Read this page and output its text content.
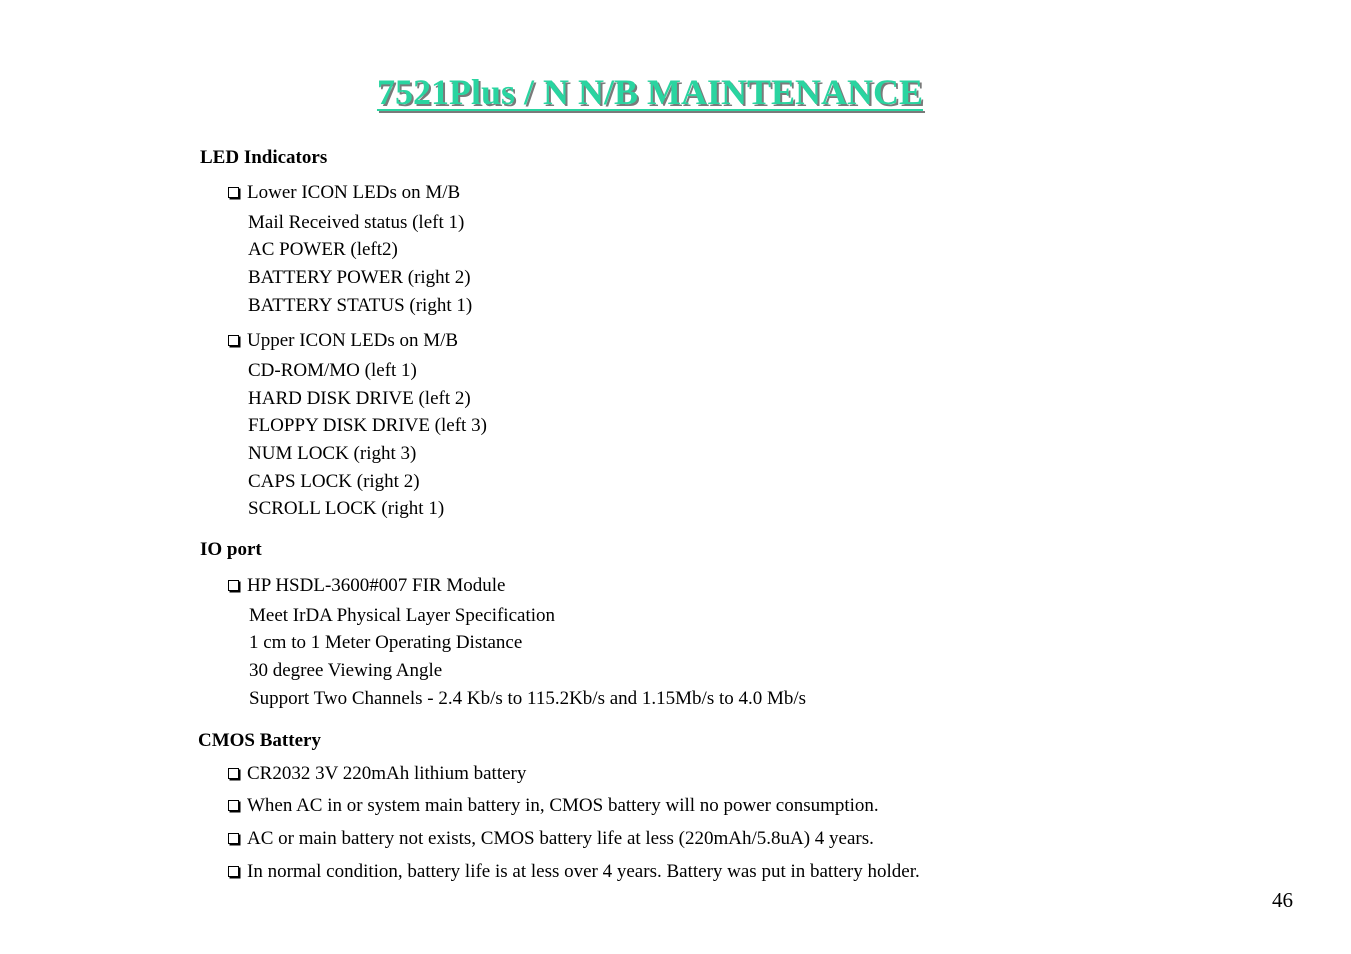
7521Plus / N N/B MAINTENANCE
LED Indicators
Lower ICON LEDs on M/B
Mail Received status (left 1)
AC POWER (left2)
BATTERY POWER (right 2)
BATTERY STATUS (right 1)
Upper ICON LEDs on M/B
CD-ROM/MO (left 1)
HARD DISK DRIVE (left 2)
FLOPPY DISK DRIVE (left 3)
NUM LOCK (right 3)
CAPS LOCK (right 2)
SCROLL LOCK (right 1)
IO port
HP HSDL-3600#007 FIR Module
Meet IrDA Physical Layer Specification
1 cm to 1 Meter Operating Distance
30 degree Viewing Angle
Support Two Channels - 2.4 Kb/s to 115.2Kb/s and 1.15Mb/s to 4.0 Mb/s
CMOS Battery
CR2032 3V 220mAh lithium battery
When AC in or system main battery in, CMOS battery will no power consumption.
AC or main battery not exists, CMOS battery life at less (220mAh/5.8uA) 4 years.
In normal condition, battery life is at less over 4 years. Battery was put in battery holder.
46
